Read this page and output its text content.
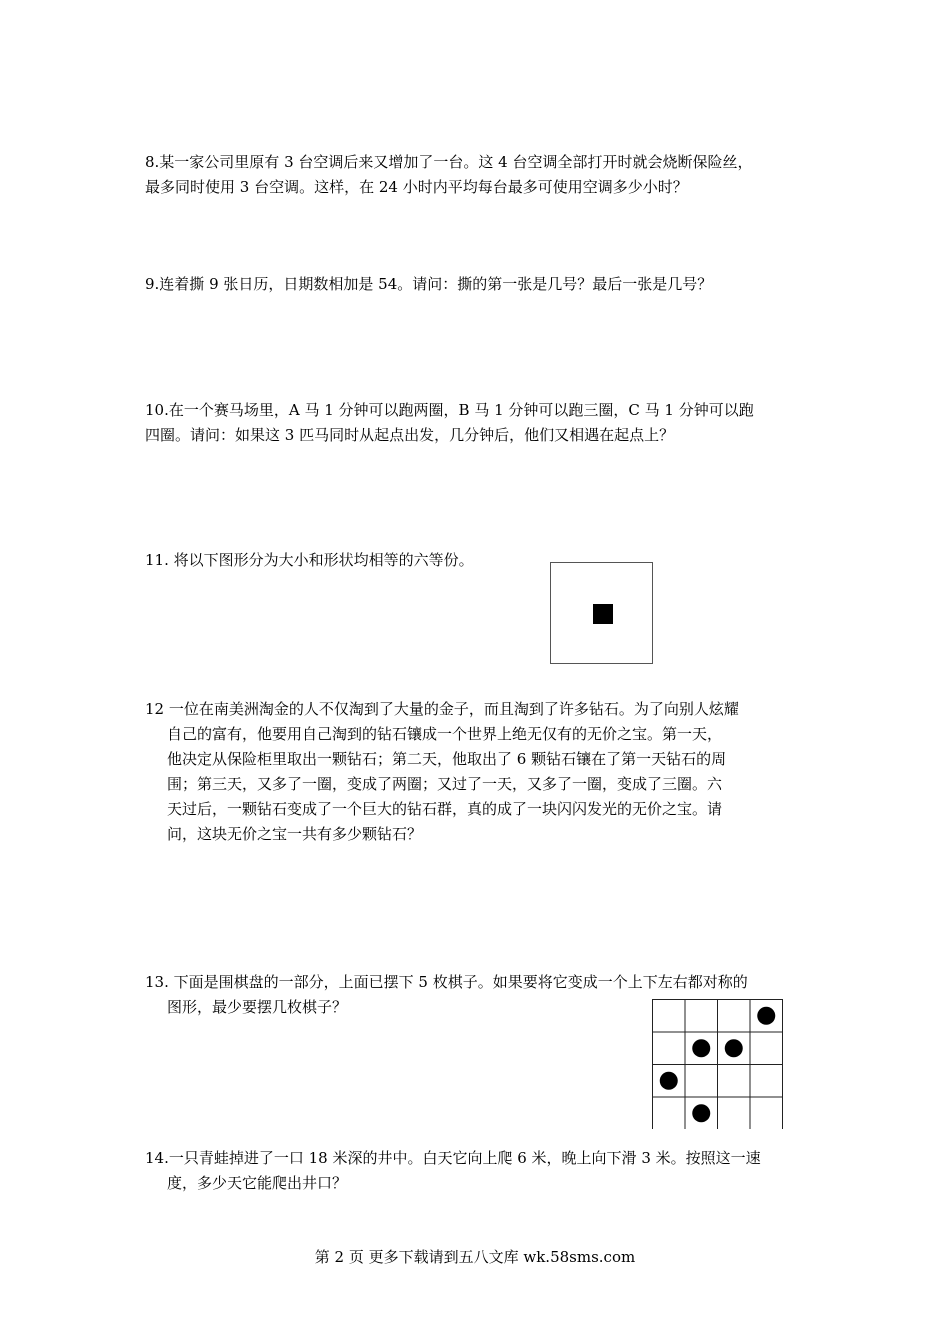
8.某一家公司里原有 3 台空调后来又增加了一台。这 4 台空调全部打开时就会烧断保险丝，
最多同时使用 3 台空调。这样，在 24 小时内平均每台最多可使用空调多少小时？
9.连着撕 9 张日历，日期数相加是 54。请问：撕的第一张是几号？最后一张是几号？
10.在一个赛马场里，A 马 1 分钟可以跑两圈，B 马 1 分钟可以跑三圈，C 马 1 分钟可以跑
四圈。请问：如果这 3 匹马同时从起点出发，几分钟后，他们又相遇在起点上？
11. 将以下图形分为大小和形状均相等的六等份。
12 一位在南美洲淘金的人不仅淘到了大量的金子，而且淘到了许多钻石。为了向别人炫耀
自己的富有，他要用自己淘到的钻石镶成一个世界上绝无仅有的无价之宝。第一天，
他决定从保险柜里取出一颗钻石；第二天，他取出了 6 颗钻石镶在了第一天钻石的周
围；第三天，又多了一圈，变成了两圈；又过了一天，又多了一圈，变成了三圈。六
天过后，一颗钻石变成了一个巨大的钻石群，真的成了一块闪闪发光的无价之宝。请
问，这块无价之宝一共有多少颗钻石？
13. 下面是围棋盘的一部分，上面已摆下 5 枚棋子。如果要将它变成一个上下左右都对称的
图形，最少要摆几枚棋子？
14.一只青蛙掉进了一口 18 米深的井中。白天它向上爬 6 米，晚上向下滑 3 米。按照这一速
度，多少天它能爬出井口？
第 2 页 更多下载请到五八文库 wk.58sms.com
